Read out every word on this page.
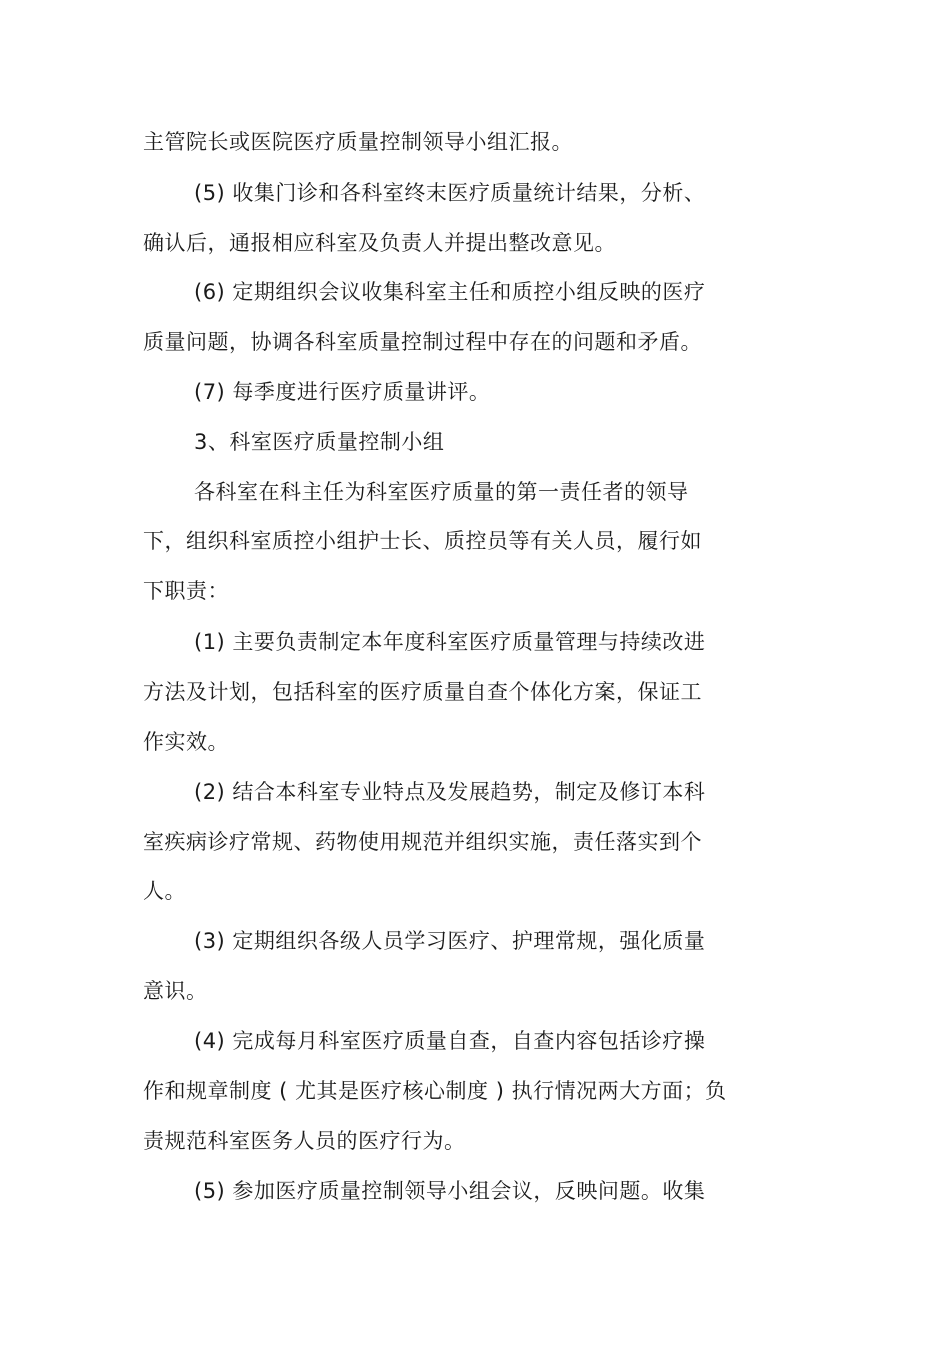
主管院长或医院医疗质量控制领导小组汇报。
(5) 收集门诊和各科室终末医疗质量统计结果，分析、
确认后，通报相应科室及负责人并提出整改意见。
(6) 定期组织会议收集科室主任和质控小组反映的医疗
质量问题，协调各科室质量控制过程中存在的问题和矛盾。
(7) 每季度进行医疗质量讲评。
3、科室医疗质量控制小组
各科室在科主任为科室医疗质量的第一责任者的领导
下，组织科室质控小组护士长、质控员等有关人员，履行如
下职责：
(1) 主要负责制定本年度科室医疗质量管理与持续改进
方法及计划，包括科室的医疗质量自查个体化方案，保证工
作实效。
(2) 结合本科室专业特点及发展趋势，制定及修订本科
室疾病诊疗常规、药物使用规范并组织实施，责任落实到个
人。
(3) 定期组织各级人员学习医疗、护理常规，强化质量
意识。
(4) 完成每月科室医疗质量自查，自查内容包括诊疗操
作和规章制度 ( 尤其是医疗核心制度 ) 执行情况两大方面；负
责规范科室医务人员的医疗行为。
(5) 参加医疗质量控制领导小组会议，反映问题。收集
